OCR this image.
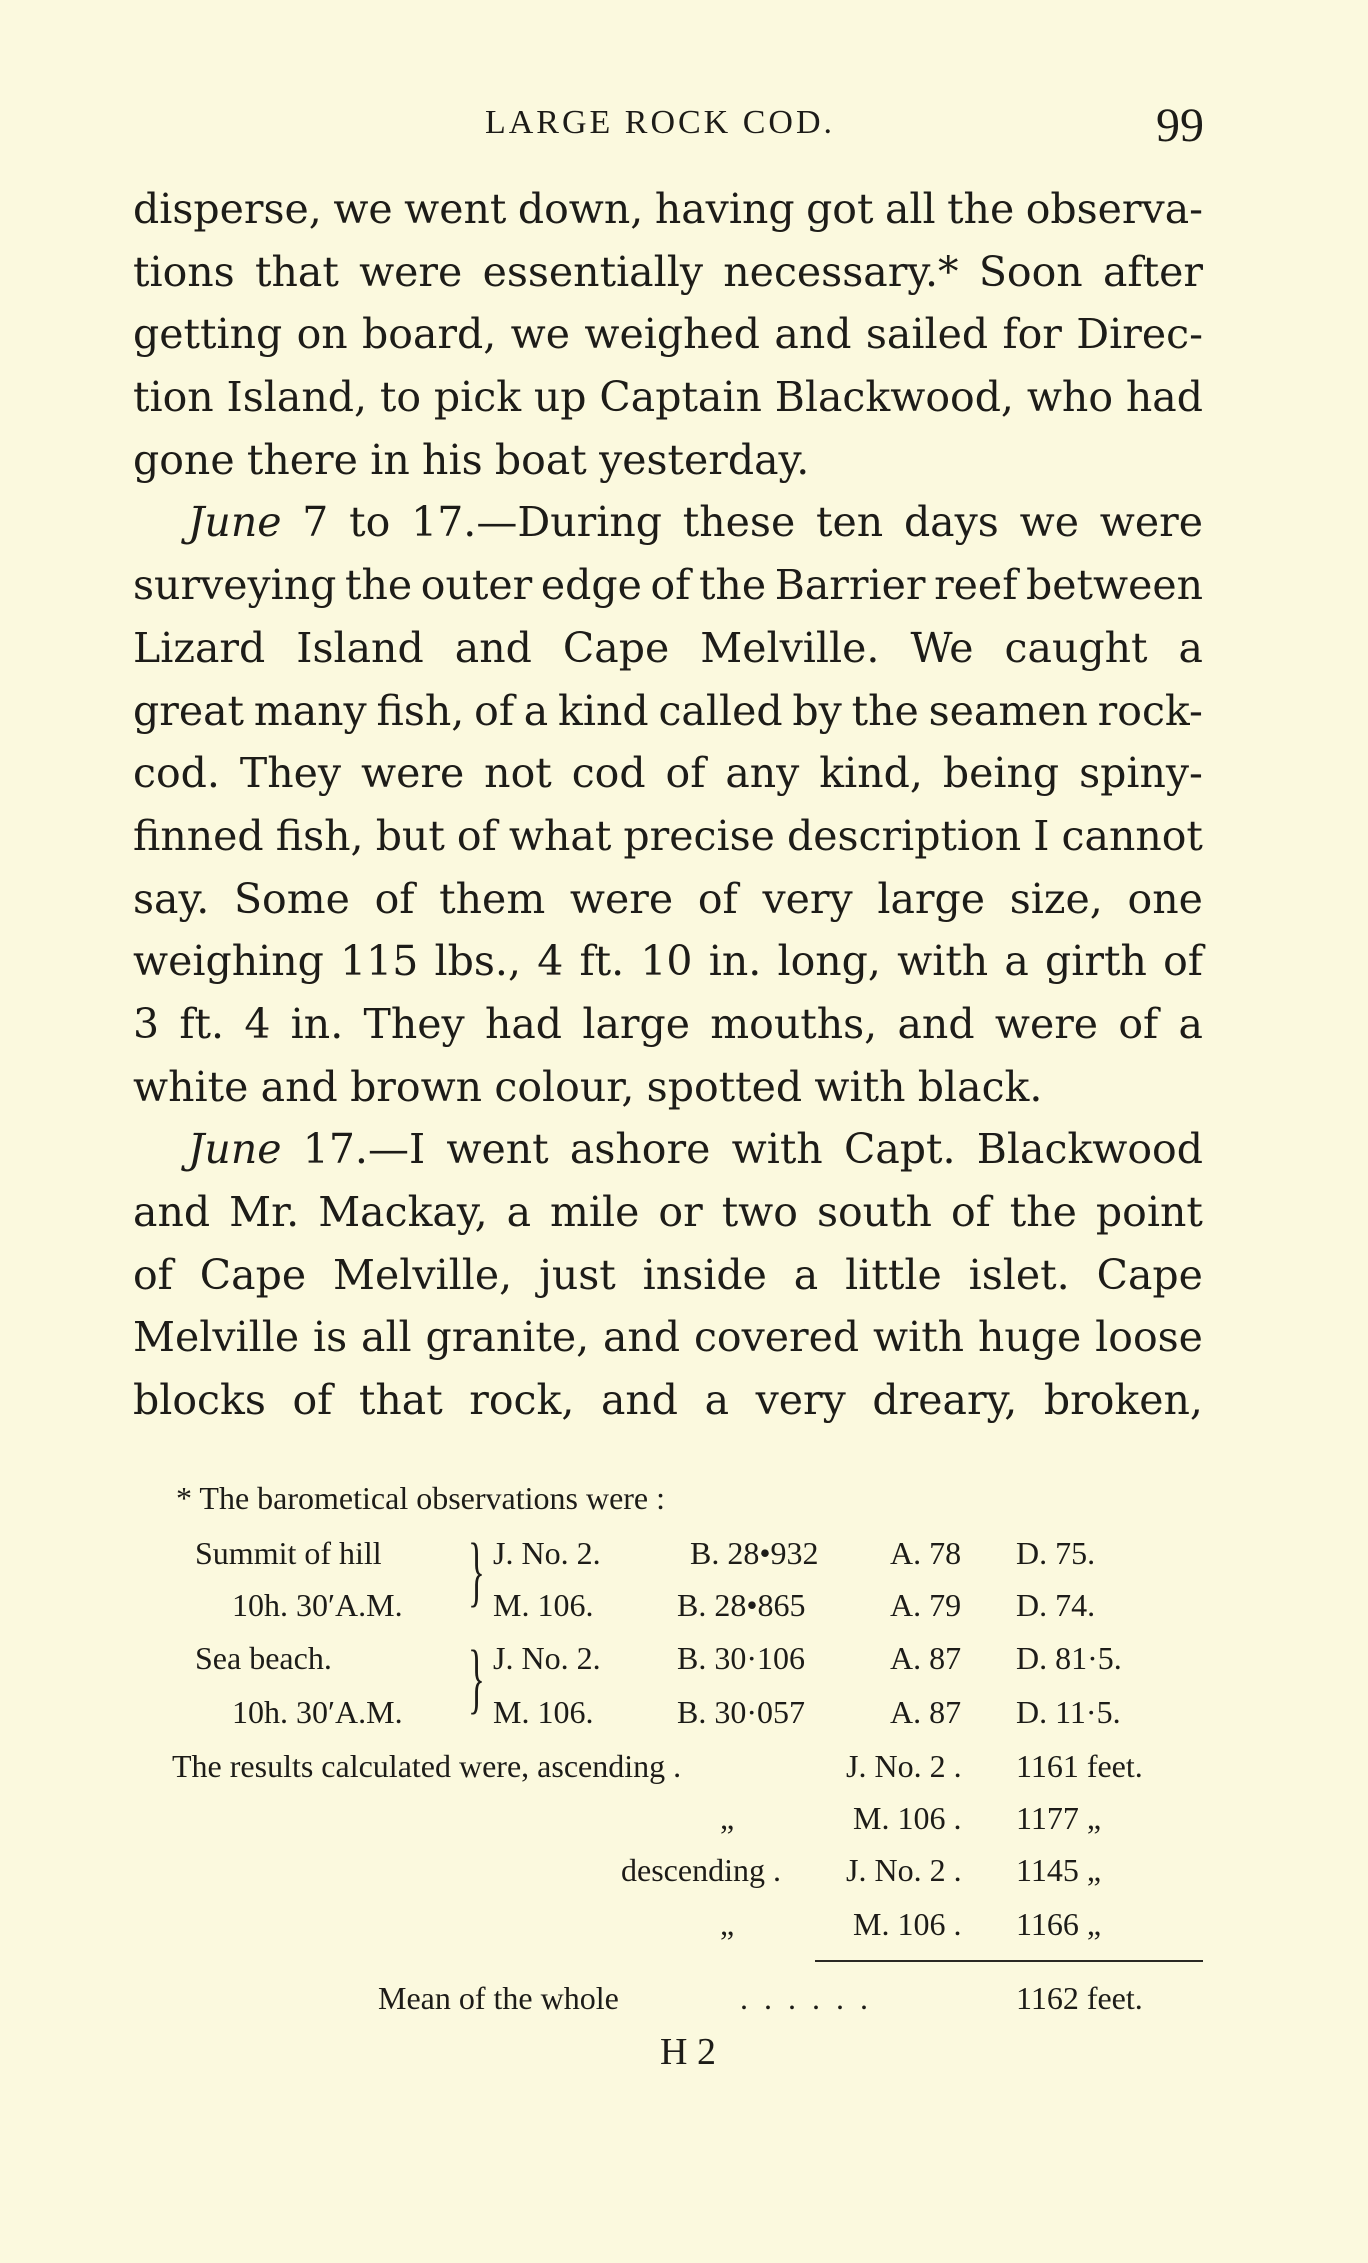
LARGE ROCK COD.	99
disperse, we went down, having got all the observa-
tions that were essentially necessary.* Soon after
getting on board, we weighed and sailed for Direc-
tion Island, to pick up Captain Blackwood, who had
gone there in his boat yesterday.
June 7 to 17.—During these ten days we were
surveying the outer edge of the Barrier reef between
Lizard Island and Cape Melville. We caught a
great many fish, of a kind called by the seamen rock-
cod. They were not cod of any kind, being spiny-
finned fish, but of what precise description I cannot
say. Some of them were of very large size, one
weighing 115 lbs., 4 ft. 10 in. long, with a girth of
3 ft. 4 in. They had large mouths, and were of a
white and brown colour, spotted with black.
June 17.—I went ashore with Capt. Blackwood
and Mr. Mackay, a mile or two south of the point
of Cape Melville, just inside a little islet. Cape
Melville is all granite, and covered with huge loose
blocks of that rock, and a very dreary, broken,
* The barometical observations were :
Summit of hill	J. No. 2.	B. 28•932 A. 78 D. 75.
10h. 30′A.M.	M. 106.	B. 28•865	A. 79 D. 74.
}
Sea beach.	J. No. 2. B. 30·106	A. 87 D. 81·5.
10h. 30′A.M.	M. 106.	B. 30·057	A. 87 D. 11·5.
}
The results calculated were, ascending .	J. No. 2 . 1161 feet.
„	M. 106 . 1177 „
descending . J. No. 2 . 1145 „
„	M. 106 . 1166 „
Mean of the whole	. . . . . .	1162 feet.
H 2
